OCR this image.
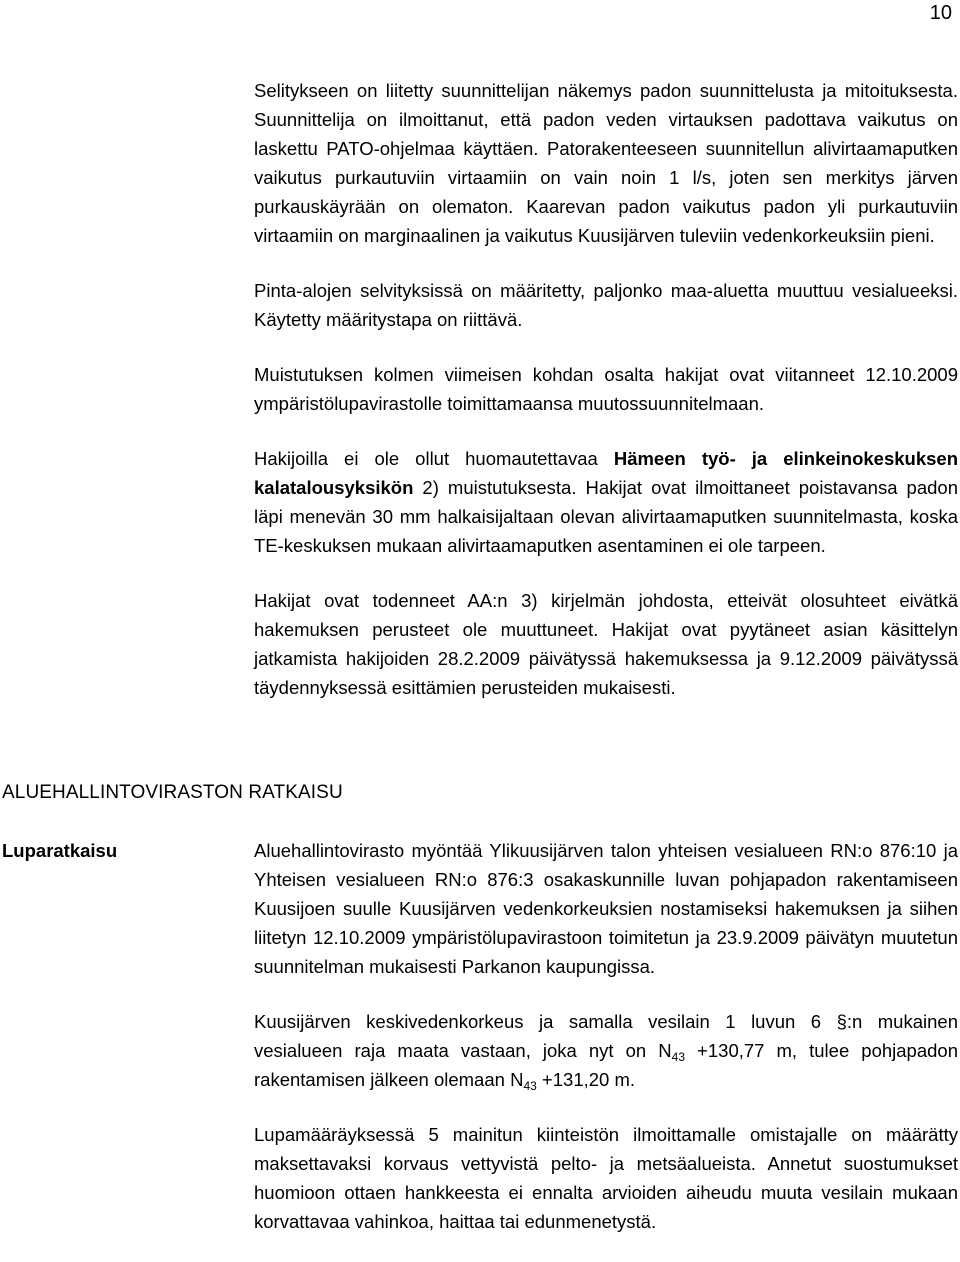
10

Selitykseen on liitetty suunnittelijan näkemys padon suunnittelusta ja mitoituksesta. Suunnittelija on ilmoittanut, että padon veden virtauksen padottava vaikutus on laskettu PATO-ohjelmaa käyttäen. Patorakenteeseen suunnitellun alivirtaamaputken vaikutus purkautuviin virtaamiin on vain noin 1 l/s, joten sen merkitys järven purkauskäyrään on olematon. Kaarevan padon vaikutus padon yli purkautuviin virtaamiin on marginaalinen ja vaikutus Kuusijärven tuleviin vedenkorkeuksiin pieni.

Pinta-alojen selvityksissä on määritetty, paljonko maa-aluetta muuttuu vesialueeksi. Käytetty määritystapa on riittävä.

Muistutuksen kolmen viimeisen kohdan osalta hakijat ovat viitanneet 12.10.2009 ympäristölupavirastolle toimittamaansa muutossuunnitelmaan.

Hakijoilla ei ole ollut huomautettavaa Hämeen työ- ja elinkeinokeskuksen kalatalousyksikön 2) muistutuksesta. Hakijat ovat ilmoittaneet poistavansa padon läpi menevän 30 mm halkaisijaltaan olevan alivirtaamaputken suunnitelmasta, koska TE-keskuksen mukaan alivirtaamaputken asentaminen ei ole tarpeen.

Hakijat ovat todenneet AA:n 3) kirjelmän johdosta, etteivät olosuhteet eivätkä hakemuksen perusteet ole muuttuneet. Hakijat ovat pyytäneet asian käsittelyn jatkamista hakijoiden 28.2.2009 päivätyssä hakemuksessa ja 9.12.2009 päivätyssä täydennyksessä esittämien perusteiden mukaisesti.

ALUEHALLINTOVIRASTON RATKAISU
Luparatkaisu	Aluehallintovirasto myöntää Ylikuusijärven talon yhteisen vesialueen RN:o 876:10 ja Yhteisen vesialueen RN:o 876:3 osakaskunnille luvan pohjapadon rakentamiseen Kuusijoen suulle Kuusijärven vedenkorkeuksien nostamiseksi hakemuksen ja siihen liitetyn 12.10.2009 ympäristölupavirastoon toimitetun ja 23.9.2009 päivätyn muutetun suunnitelman mukaisesti Parkanon kaupungissa.

Kuusijärven keskivedenkorkeus ja samalla vesilain 1 luvun 6 §:n mukainen vesialueen raja maata vastaan, joka nyt on $N_{43} +130,77$ m, tulee pohjapadon rakentamisen jälkeen olemaan $N_{43} +131,20$ m.

Lupamääräyksessä 5 mainitun kiinteistön ilmoittamalle omistajalle on määrätty maksettavaksi korvaus vettyvistä pelto- ja metsäalueista. Annetut suostumukset huomioon ottaen hankkeesta ei ennalta arvioiden aiheudu muuta vesilain mukaan korvattavaa vahinkoa, haittaa tai edunmenetystä.
